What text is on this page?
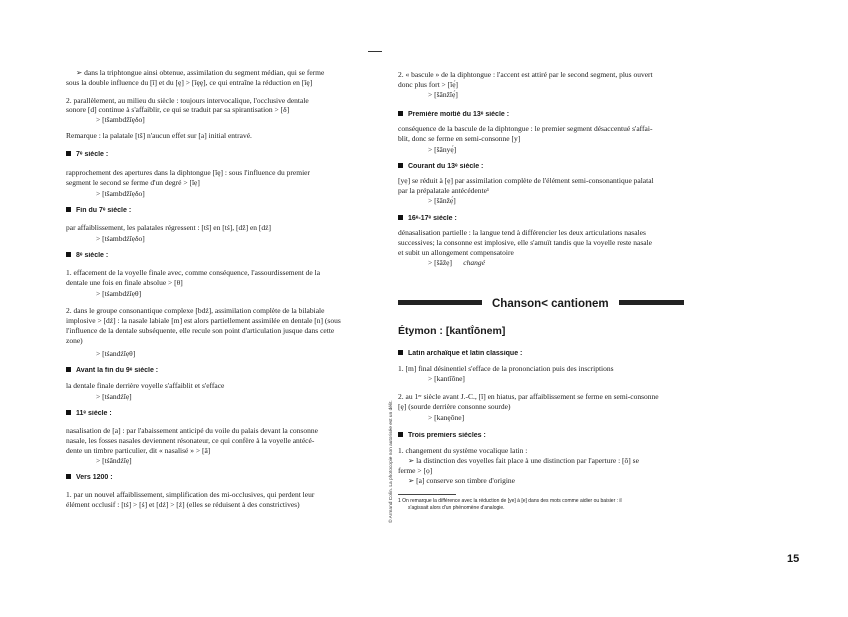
➢ dans la triphtongue ainsi obtenue, assimilation du segment médian, qui se ferme
sous la double influence du [ĭ] et du [ȩ] > [ĭȩȩ], ce qui entraîne la réduction en [ĭȩ]
2. parallèlement, au milieu du siècle : toujours intervocalique, l'occlusive dentale
sonore [d] continue à s'affaiblir, ce qui se traduit par sa spirantisation > [δ]
> [tšambdžĭȩδo]
Remarque : la palatale [tš] n'aucun effet sur [a] initial entravé.
7ᵉ siècle :
rapprochement des apertures dans la diphtongue [ĭȩ] : sous l'influence du premier
segment le second se ferme d'un degré > [ĭẹ]
> [tšambdžĭẹδo]
Fin du 7ᵉ siècle :
par affaiblissement, les palatales régressent : [tš] en [tś], [dž] en [dź]
> [tśambdźĭẹδo]
8ᵉ siècle :
1. effacement de la voyelle finale avec, comme conséquence, l'assourdissement de la
dentale une fois en finale absolue > [θ]
> [tśambdźĭẹθ]
2. dans le groupe consonantique complexe [bdź], assimilation complète de la bilabiale implosive > [dź] : la nasale labiale [m] est alors partiellement assimilée en dentale [n] (sous l'influence de la dentale subséquente, elle recule son point d'articulation jusque dans cette zone)
> [tśandźĭẹθ]
Avant la fin du 9ᵉ siècle :
la dentale finale derrière voyelle s'affaiblit et s'efface
> [tśandźĭẹ]
11ᵉ siècle :
nasalisation de [a] : par l'abaissement anticipé du voile du palais devant la consonne
nasale, les fosses nasales deviennent résonateur, ce qui confère à la voyelle antécé-
dente un timbre particulier, dit « nasalisé » > [ã]
> [tśãndźĭẹ]
Vers 1200 :
1. par un nouvel affaiblissement, simplification des mi-occlusives, qui perdent leur
élément occlusif : [tś] > [ś] et [dź] > [ź] (elles se réduisent à des constrictives)	© Armand Colin. La photocopie non autorisée est un délit.
2. « bascule » de la diphtongue : l'accent est attiré par le second segment, plus ouvert
donc plus fort > [ĭẹ́]
> [šãnžĭẹ́]
Première moitié du 13ᵉ siècle :
conséquence de la bascule de la diphtongue : le premier segment désaccentué s'affai-
blit, donc se ferme en semi-consonne [y]
> [šãnyẹ́]
Courant du 13ᵉ siècle :
[yẹ] se réduit à [ẹ] par assimilation complète de l'élément semi-consonantique palatal
par la prépalatale antécédente¹
> [šãnžẹ́]
16ᵉ-17ᵉ siècle :
dénasalisation partielle : la langue tend à différencier les deux articulations nasales
successives; la consonne est implosive, elle s'amuït tandis que la voyelle reste nasale
et subit un allongement compensatoire
> [šãžẹ] changé
Chanson< cantionem
Étymon : [kantĭ́ōnem]
Latin archaïque et latin classique :
1. [m] final désinentiel s'efface de la prononciation puis des inscriptions
> [kantĭōne]
2. au 1ᵉʳ siècle avant J.-C., [ĭ] en hiatus, par affaiblissement se ferme en semi-consonne
[ȩ] (sourde derrière consonne sourde)
> [kanȩōne]
Trois premiers siècles :
1. changement du système vocalique latin :
➢ la distinction des voyelles fait place à une distinction par l'aperture : [ō] se
ferme > [ọ]
➢ [a] conserve son timbre d'origine
1 On remarque la différence avec la réduction de [ye] à [e] dans des mots comme aidier ou baisier : il
s'agissait alors d'un phénomène d'analogie.
15
